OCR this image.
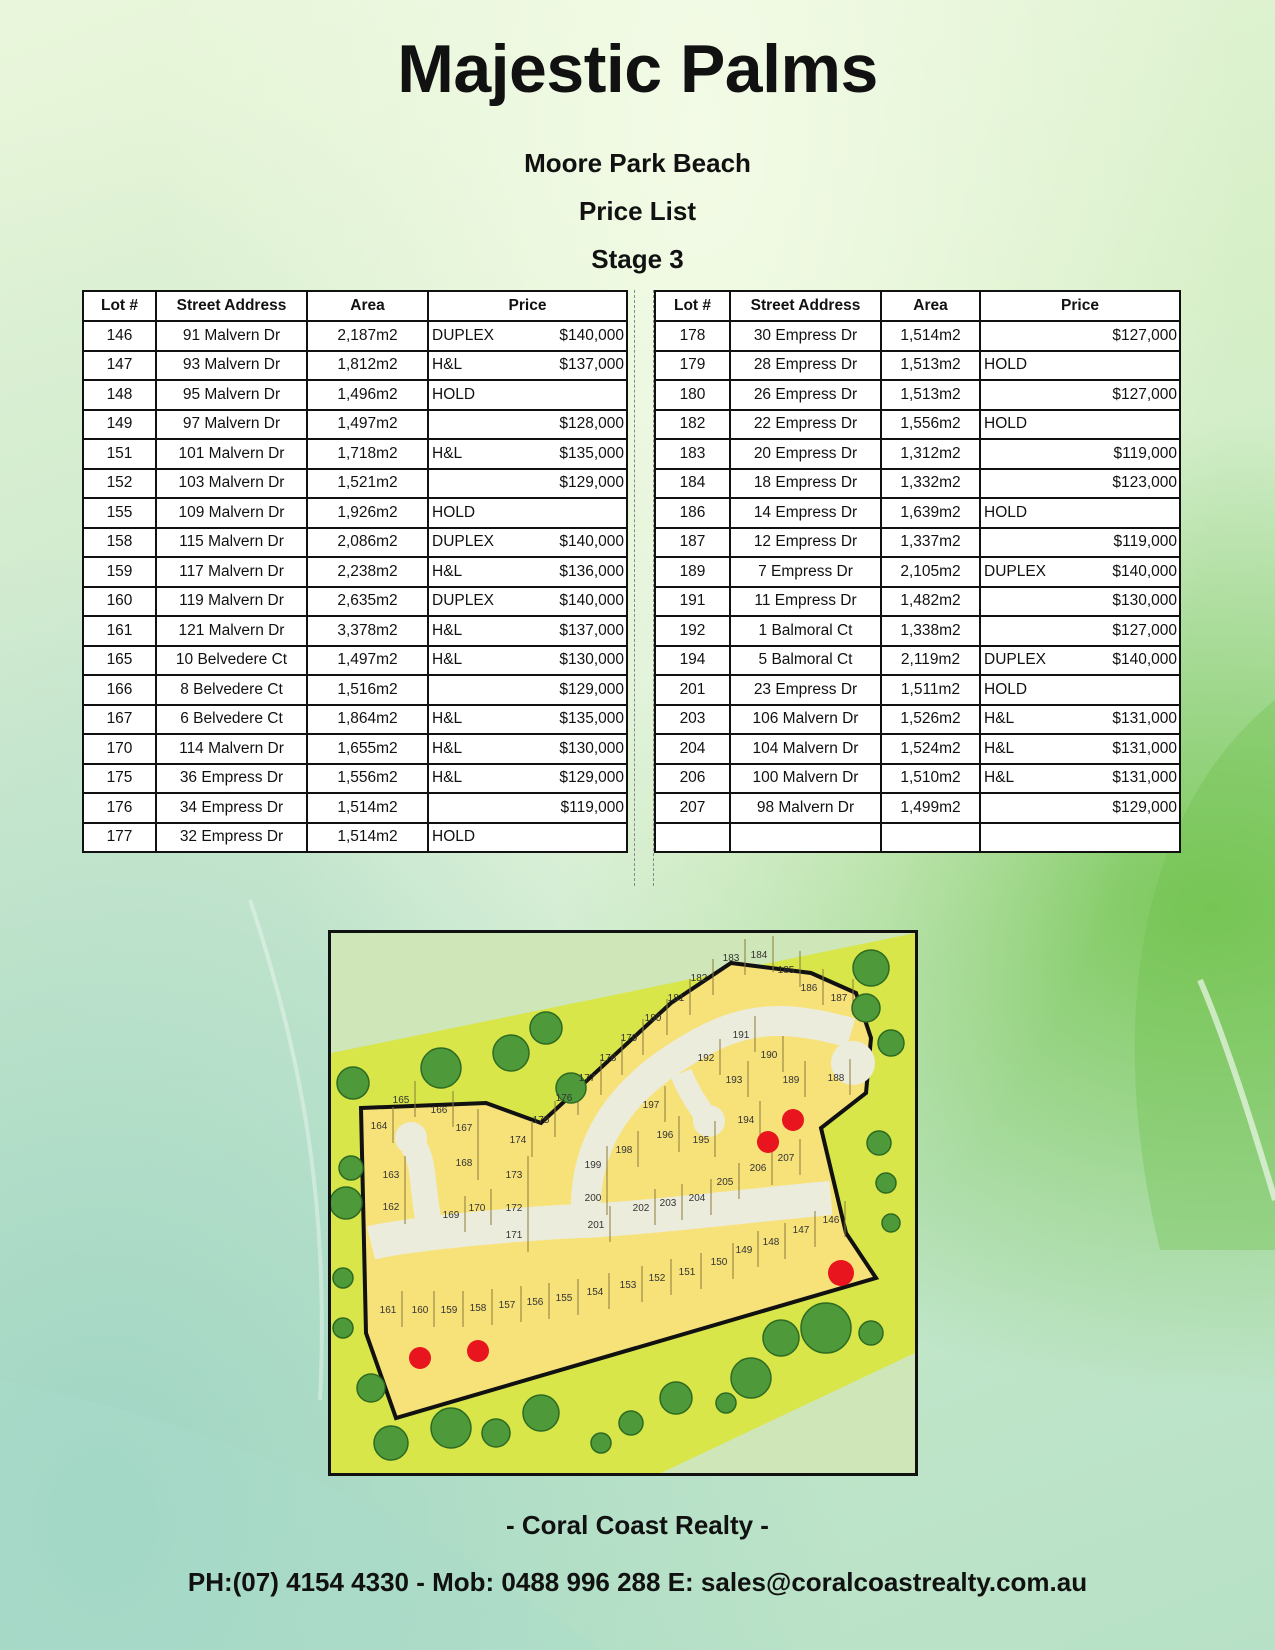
Majestic Palms

Moore Park Beach

Price List

Stage 3

Lot #	Street Address	Area	Price
146	91 Malvern Dr	2,187m2	DUPLEX $140,000

147	93 Malvern Dr	1,812m2	H&L $137,000

148	95 Malvern Dr	1,496m2	HOLD

149	97 Malvern Dr	1,497m2	$128,000

151	101 Malvern Dr	1,718m2	H&L $135,000

152	103 Malvern Dr	1,521m2	$129,000

155	109 Malvern Dr	1,926m2	HOLD

158	115 Malvern Dr	2,086m2	DUPLEX $140,000

159	117 Malvern Dr	2,238m2	H&L $136,000

160	119 Malvern Dr	2,635m2	DUPLEX $140,000

161	121 Malvern Dr	3,378m2	H&L $137,000

165	10 Belvedere Ct	1,497m2	H&L $130,000

166	8 Belvedere Ct	1,516m2	$129,000

167	6 Belvedere Ct	1,864m2	H&L $135,000

170	114 Malvern Dr	1,655m2	H&L $130,000

175	36 Empress Dr	1,556m2	H&L $129,000

176	34 Empress Dr	1,514m2	$119,000

177	32 Empress Dr	1,514m2	HOLD
Lot #	Street Address	Area	Price
178	30 Empress Dr	1,514m2	$127,000

179	28 Empress Dr	1,513m2	HOLD

180	26 Empress Dr	1,513m2	$127,000

182	22 Empress Dr	1,556m2	HOLD

183	20 Empress Dr	1,312m2	$119,000

184	18 Empress Dr	1,332m2	$123,000

186	14 Empress Dr	1,639m2	HOLD

187	12 Empress Dr	1,337m2	$119,000

189	7 Empress Dr	2,105m2	DUPLEX $140,000

191	11 Empress Dr	1,482m2	$130,000

192	1 Balmoral Ct	1,338m2	$127,000

194	5 Balmoral Ct	2,119m2	DUPLEX $140,000

201	23 Empress Dr	1,511m2	HOLD

203	106 Malvern Dr	1,526m2	H&L $131,000

204	104 Malvern Dr	1,524m2	H&L $131,000

206	100 Malvern Dr	1,510m2	H&L $131,000

207	98 Malvern Dr	1,499m2	$129,000

146
147
148
149
150
151
152
153
154
155
156
157
158
159
160
161
162
163
164
165
166
167
168
169
170
171
172
173
174
175
176
177
178
179
180
181
182
183 184
185
186
187
188
189
190
191
192
193
194
195
196
197
198
199
200
201
202 203 204
205
206
207

- Coral Coast Realty -

PH:(07) 4154 4330 - Mob: 0488 996 288 E: sales@coralcoastrealty.com.au
